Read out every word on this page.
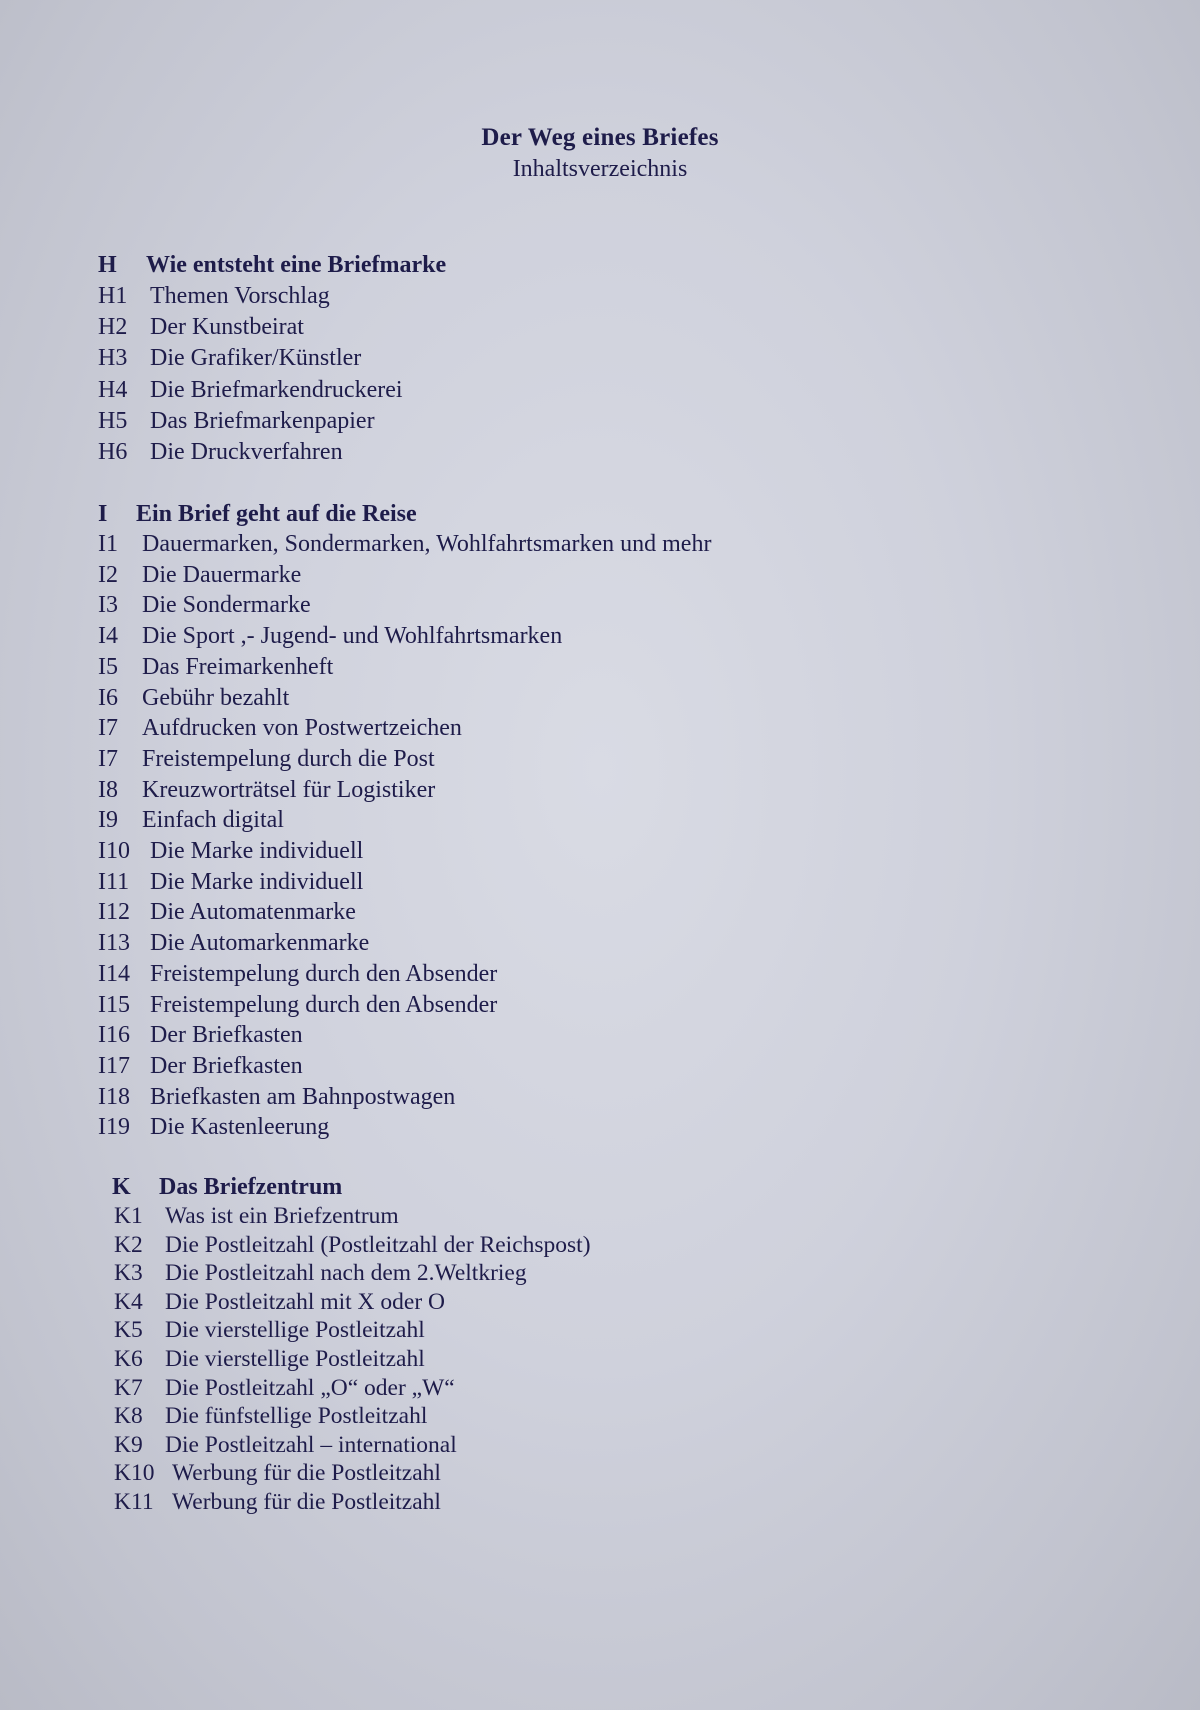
Der Weg eines Briefes
Inhaltsverzeichnis
H Wie entsteht eine Briefmarke
H1 Themen Vorschlag
H2 Der Kunstbeirat
H3 Die Grafiker/Künstler
H4 Die Briefmarkendruckerei
H5 Das Briefmarkenpapier
H6 Die Druckverfahren
I Ein Brief geht auf die Reise
I1	Dauermarken, Sondermarken, Wohlfahrtsmarken und mehr
I2	Die Dauermarke
I3	Die Sondermarke
I4	Die Sport ,- Jugend- und Wohlfahrtsmarken
I5	Das Freimarkenheft
I6	Gebühr bezahlt
I7	Aufdrucken von Postwertzeichen
I7	Freistempelung durch die Post
I8	Kreuzworträtsel für Logistiker
I9	Einfach digital
I10 Die Marke individuell
I11 Die Marke individuell
I12 Die Automatenmarke
I13 Die Automarkenmarke
I14 Freistempelung durch den Absender
I15 Freistempelung durch den Absender
I16 Der Briefkasten
I17 Der Briefkasten
I18 Briefkasten am Bahnpostwagen
I19 Die Kastenleerung
K Das Briefzentrum
K1 Was ist ein Briefzentrum
K2 Die Postleitzahl (Postleitzahl der Reichspost)
K3 Die Postleitzahl nach dem 2.Weltkrieg
K4 Die Postleitzahl mit X oder O
K5 Die vierstellige Postleitzahl
K6 Die vierstellige Postleitzahl
K7 Die Postleitzahl „O“ oder „W“
K8 Die fünfstellige Postleitzahl
K9 Die Postleitzahl – international
K10 Werbung für die Postleitzahl
K11 Werbung für die Postleitzahl
